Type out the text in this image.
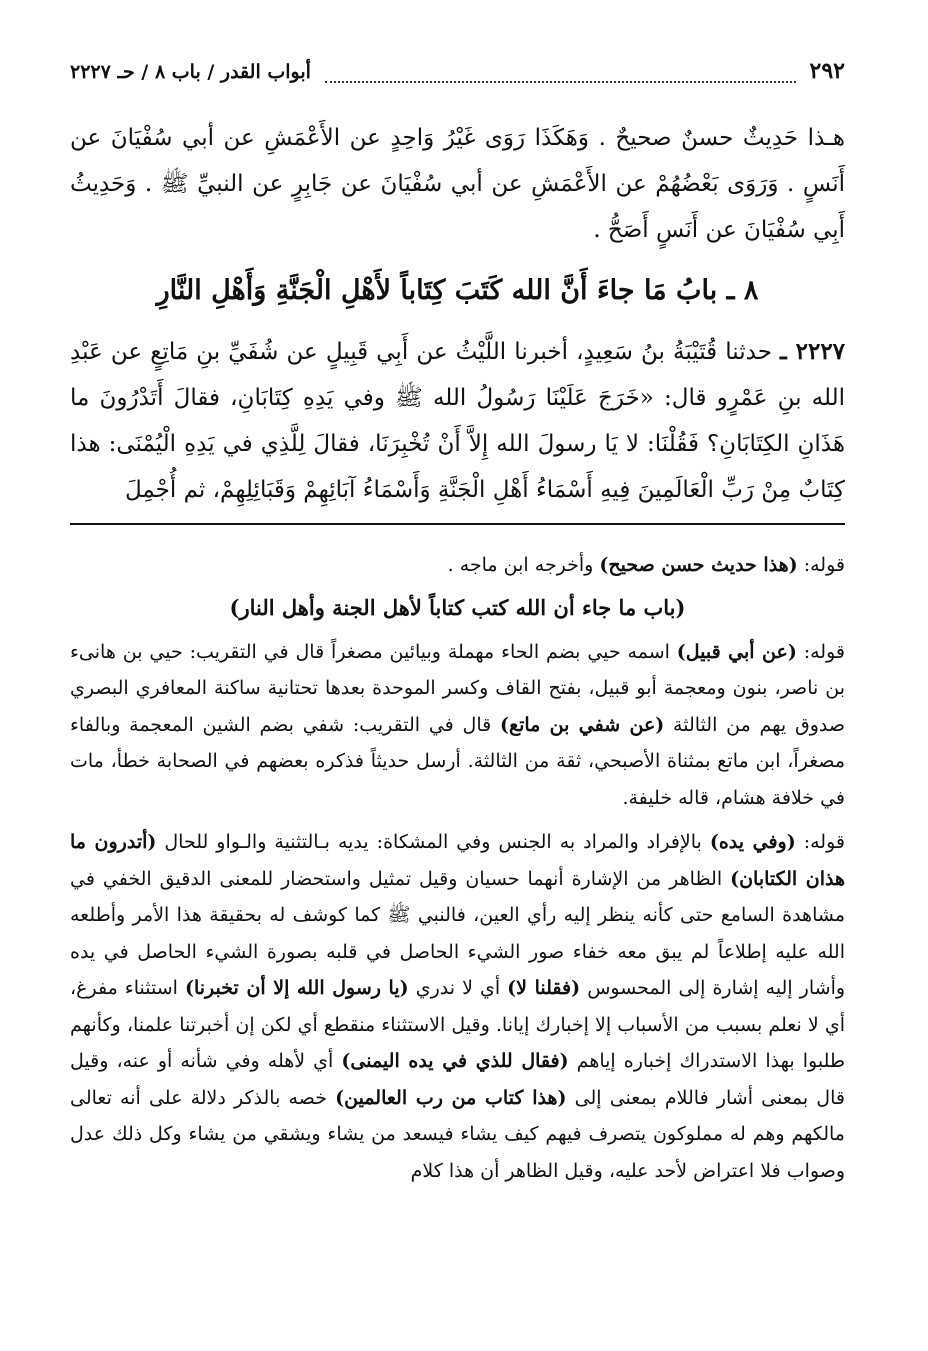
٢٩٢
أبواب القدر / باب ٨ / حـ ٢٢٢٧

هـذا حَدِيثٌ حسنٌ صحيحٌ . وَهَكَذَا رَوَى غَيْرُ وَاحِدٍ عن الأَعْمَشِ عن أبي سُفْيَانَ عن أَنَسٍ . وَرَوَى بَعْضُهُمْ عن الأَعْمَشِ عن أبي سُفْيَانَ عن جَابِرٍ عن النبيِّ ﷺ . وَحَدِيثُ أَبِي سُفْيَانَ عن أَنَسٍ أَصَحُّ .

٨ ـ بابُ مَا جاءَ أَنَّ الله كَتَبَ كِتَاباً لأَهْلِ الْجَنَّةِ وَأَهْلِ النَّارِ

٢٢٢٧ ـ حدثنا قُتَيْبَةُ بنُ سَعِيدٍ، أخبرنا اللَّيْثُ عن أَبِي قَبِيلٍ عن شُفَيِّ بنِ مَاتِعٍ عن عَبْدِ الله بنِ عَمْرٍو قال: «خَرَجَ عَلَيْنَا رَسُولُ الله ﷺ وفي يَدِهِ كِتَابَانِ، فقالَ أَتَدْرُونَ ما هَذَانِ الكِتَابَانِ؟ فَقُلْنَا: لا يَا رسولَ الله إِلاَّ أَنْ تُخْبِرَنَا، فقالَ لِلَّذِي في يَدِهِ الْيُمْنَى: هذا كِتَابٌ مِنْ رَبِّ الْعَالَمِينَ فِيهِ أَسْمَاءُ أَهْلِ الْجَنَّةِ وَأَسْمَاءُ آبَائِهِمْ وَقَبَائِلِهِمْ، ثم أُجْمِلَ

قوله: (هذا حديث حسن صحيح) وأخرجه ابن ماجه .

(باب ما جاء أن الله كتب كتاباً لأهل الجنة وأهل النار)

قوله: (عن أبي قبيل) اسمه حيي بضم الحاء مهملة وبيائين مصغراً قال في التقريب: حيي بن هانىء بن ناصر، بنون ومعجمة أبو قبيل، بفتح القاف وكسر الموحدة بعدها تحتانية ساكنة المعافري البصري صدوق يهم من الثالثة (عن شفي بن ماتع) قال في التقريب: شفي بضم الشين المعجمة وبالفاء مصغراً، ابن ماتع بمثناة الأصبحي، ثقة من الثالثة. أرسل حديثاً فذكره بعضهم في الصحابة خطأ، مات في خلافة هشام، قاله خليفة.

قوله: (وفي يده) بالإفراد والمراد به الجنس وفي المشكاة: يديه بـالتثنية والـواو للحال (أتدرون ما هذان الكتابان) الظاهر من الإشارة أنهما حسيان وقيل تمثيل واستحضار للمعنى الدقيق الخفي في مشاهدة السامع حتى كأنه ينظر إليه رأي العين، فالنبي ﷺ كما كوشف له بحقيقة هذا الأمر وأطلعه الله عليه إطلاعاً لم يبق معه خفاء صور الشيء الحاصل في قلبه بصورة الشيء الحاصل في يده وأشار إليه إشارة إلى المحسوس (فقلنا لا) أي لا ندري (يا رسول الله إلا أن تخبرنا) استثناء مفرغ، أي لا نعلم بسبب من الأسباب إلا إخبارك إيانا. وقيل الاستثناء منقطع أي لكن إن أخبرتنا علمنا، وكأنهم طلبوا بهذا الاستدراك إخباره إياهم (فقال للذي في يده اليمنى) أي لأهله وفي شأنه أو عنه، وقيل قال بمعنى أشار فاللام بمعنى إلى (هذا كتاب من رب العالمين) خصه بالذكر دلالة على أنه تعالى مالكهم وهم له مملوكون يتصرف فيهم كيف يشاء فيسعد من يشاء ويشقي من يشاء وكل ذلك عدل وصواب فلا اعتراض لأحد عليه، وقيل الظاهر أن هذا كلام
